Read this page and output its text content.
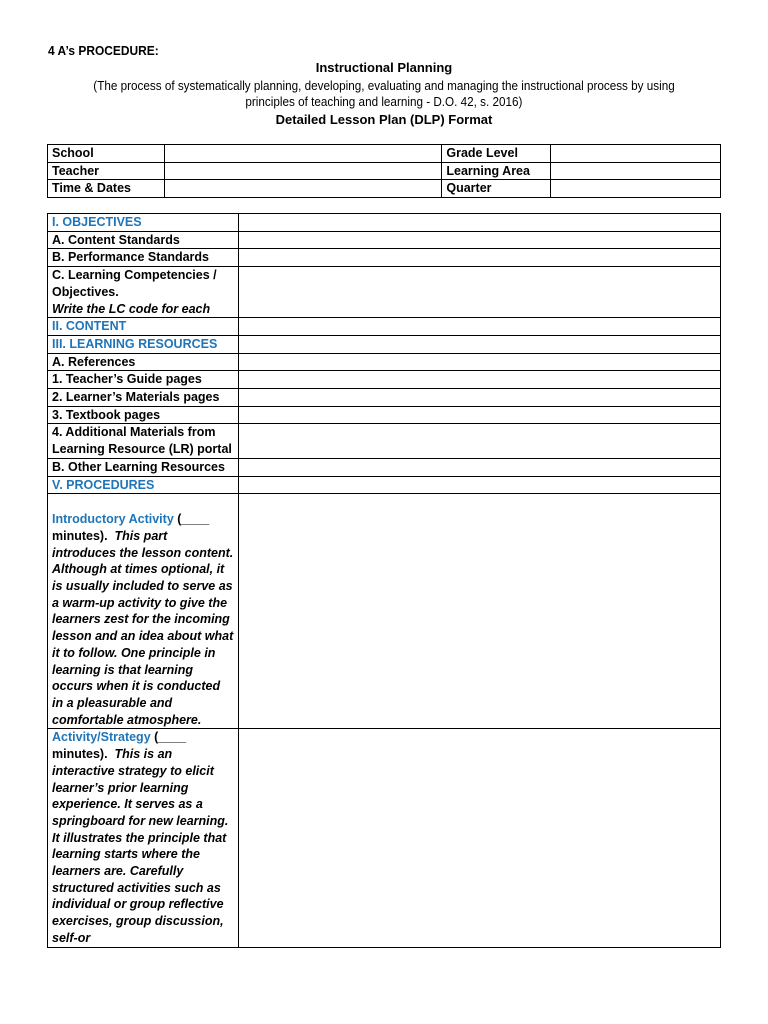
4 A’s PROCEDURE:
Instructional Planning
(The process of systematically planning, developing, evaluating and managing the instructional process by using
principles of teaching and learning - D.O. 42, s. 2016)
Detailed Lesson Plan (DLP) Format
School		Grade Level	
Teacher		Learning Area	
Time & Dates		Quarter	
I. OBJECTIVES	
A. Content Standards	
B. Performance Standards	

C. Learning Competencies / Objectives.
Write the LC code for each	

II. CONTENT	
III. LEARNING RESOURCES	
A. References	
1. Teacher’s Guide pages	
2. Learner’s Materials pages	
3. Textbook pages	
4. Additional Materials from Learning Resource (LR) portal	
B. Other Learning Resources	
V. PROCEDURES	
Introductory Activity (____ minutes). This part introduces the lesson content. Although at times optional, it is usually included to serve as a warm-up activity to give the learners zest for the incoming lesson and an idea about what it to follow. One principle in learning is that learning occurs when it is conducted in a pleasurable and comfortable atmosphere.	
Activity/Strategy (____ minutes). This is an interactive strategy to elicit learner’s prior learning experience. It serves as a springboard for new learning. It illustrates the principle that learning starts where the learners are. Carefully structured activities such as individual or group reflective exercises, group discussion, self-or	
